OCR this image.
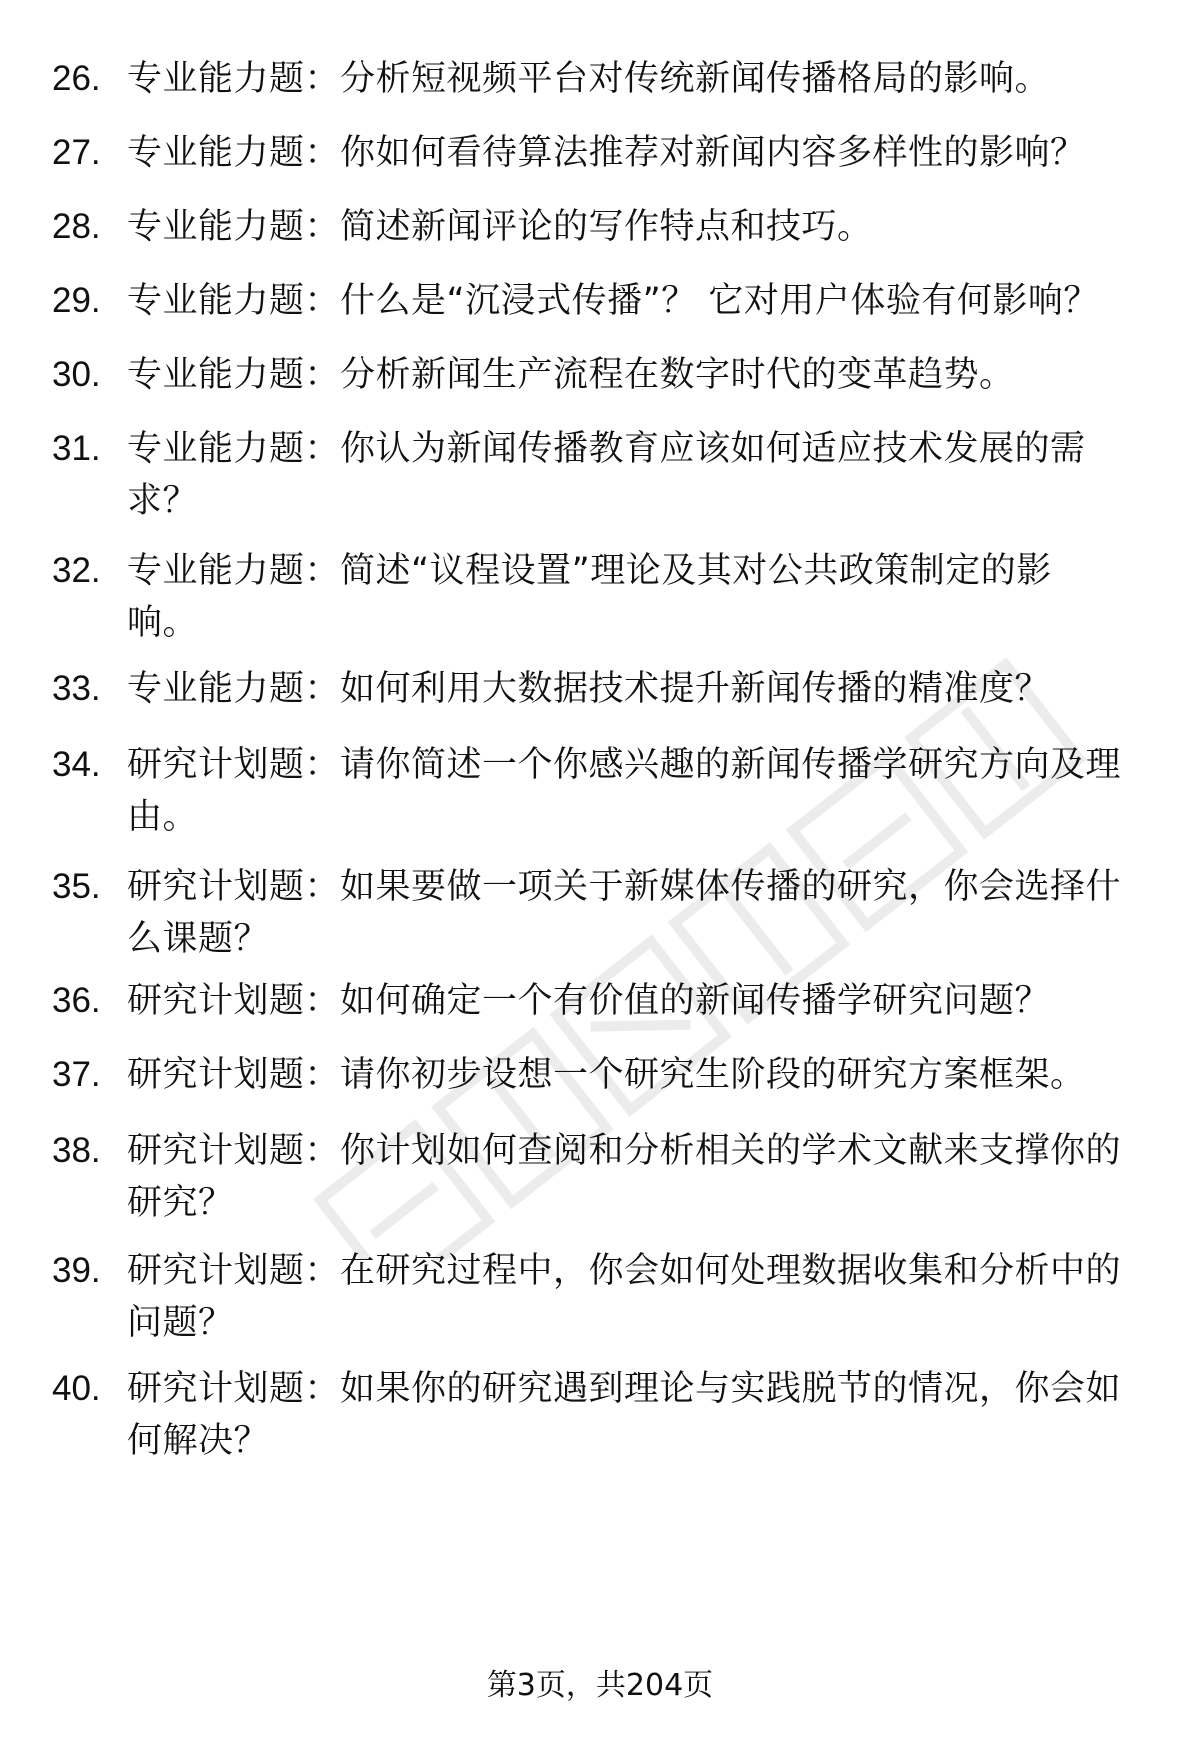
26. 专业能力题：分析短视频平台对传统新闻传播格局的影响。
27. 专业能力题：你如何看待算法推荐对新闻内容多样性的影响？
28. 专业能力题：简述新闻评论的写作特点和技巧。
29. 专业能力题：什么是“沉浸式传播”？ 它对用户体验有何影响？
30. 专业能力题：分析新闻生产流程在数字时代的变革趋势。
31. 专业能力题：你认为新闻传播教育应该如何适应技术发展的需
求？
32. 专业能力题：简述“议程设置”理论及其对公共政策制定的影
响。
33. 专业能力题：如何利用大数据技术提升新闻传播的精准度？
34. 研究计划题：请你简述一个你感兴趣的新闻传播学研究方向及理
由。
35. 研究计划题：如果要做一项关于新媒体传播的研究，你会选择什
么课题？
36. 研究计划题：如何确定一个有价值的新闻传播学研究问题？
37. 研究计划题：请你初步设想一个研究生阶段的研究方案框架。
38. 研究计划题：你计划如何查阅和分析相关的学术文献来支撑你的
研究？
39. 研究计划题：在研究过程中，你会如何处理数据收集和分析中的
问题？
40. 研究计划题：如果你的研究遇到理论与实践脱节的情况，你会如
何解决？
第3页，共204页
